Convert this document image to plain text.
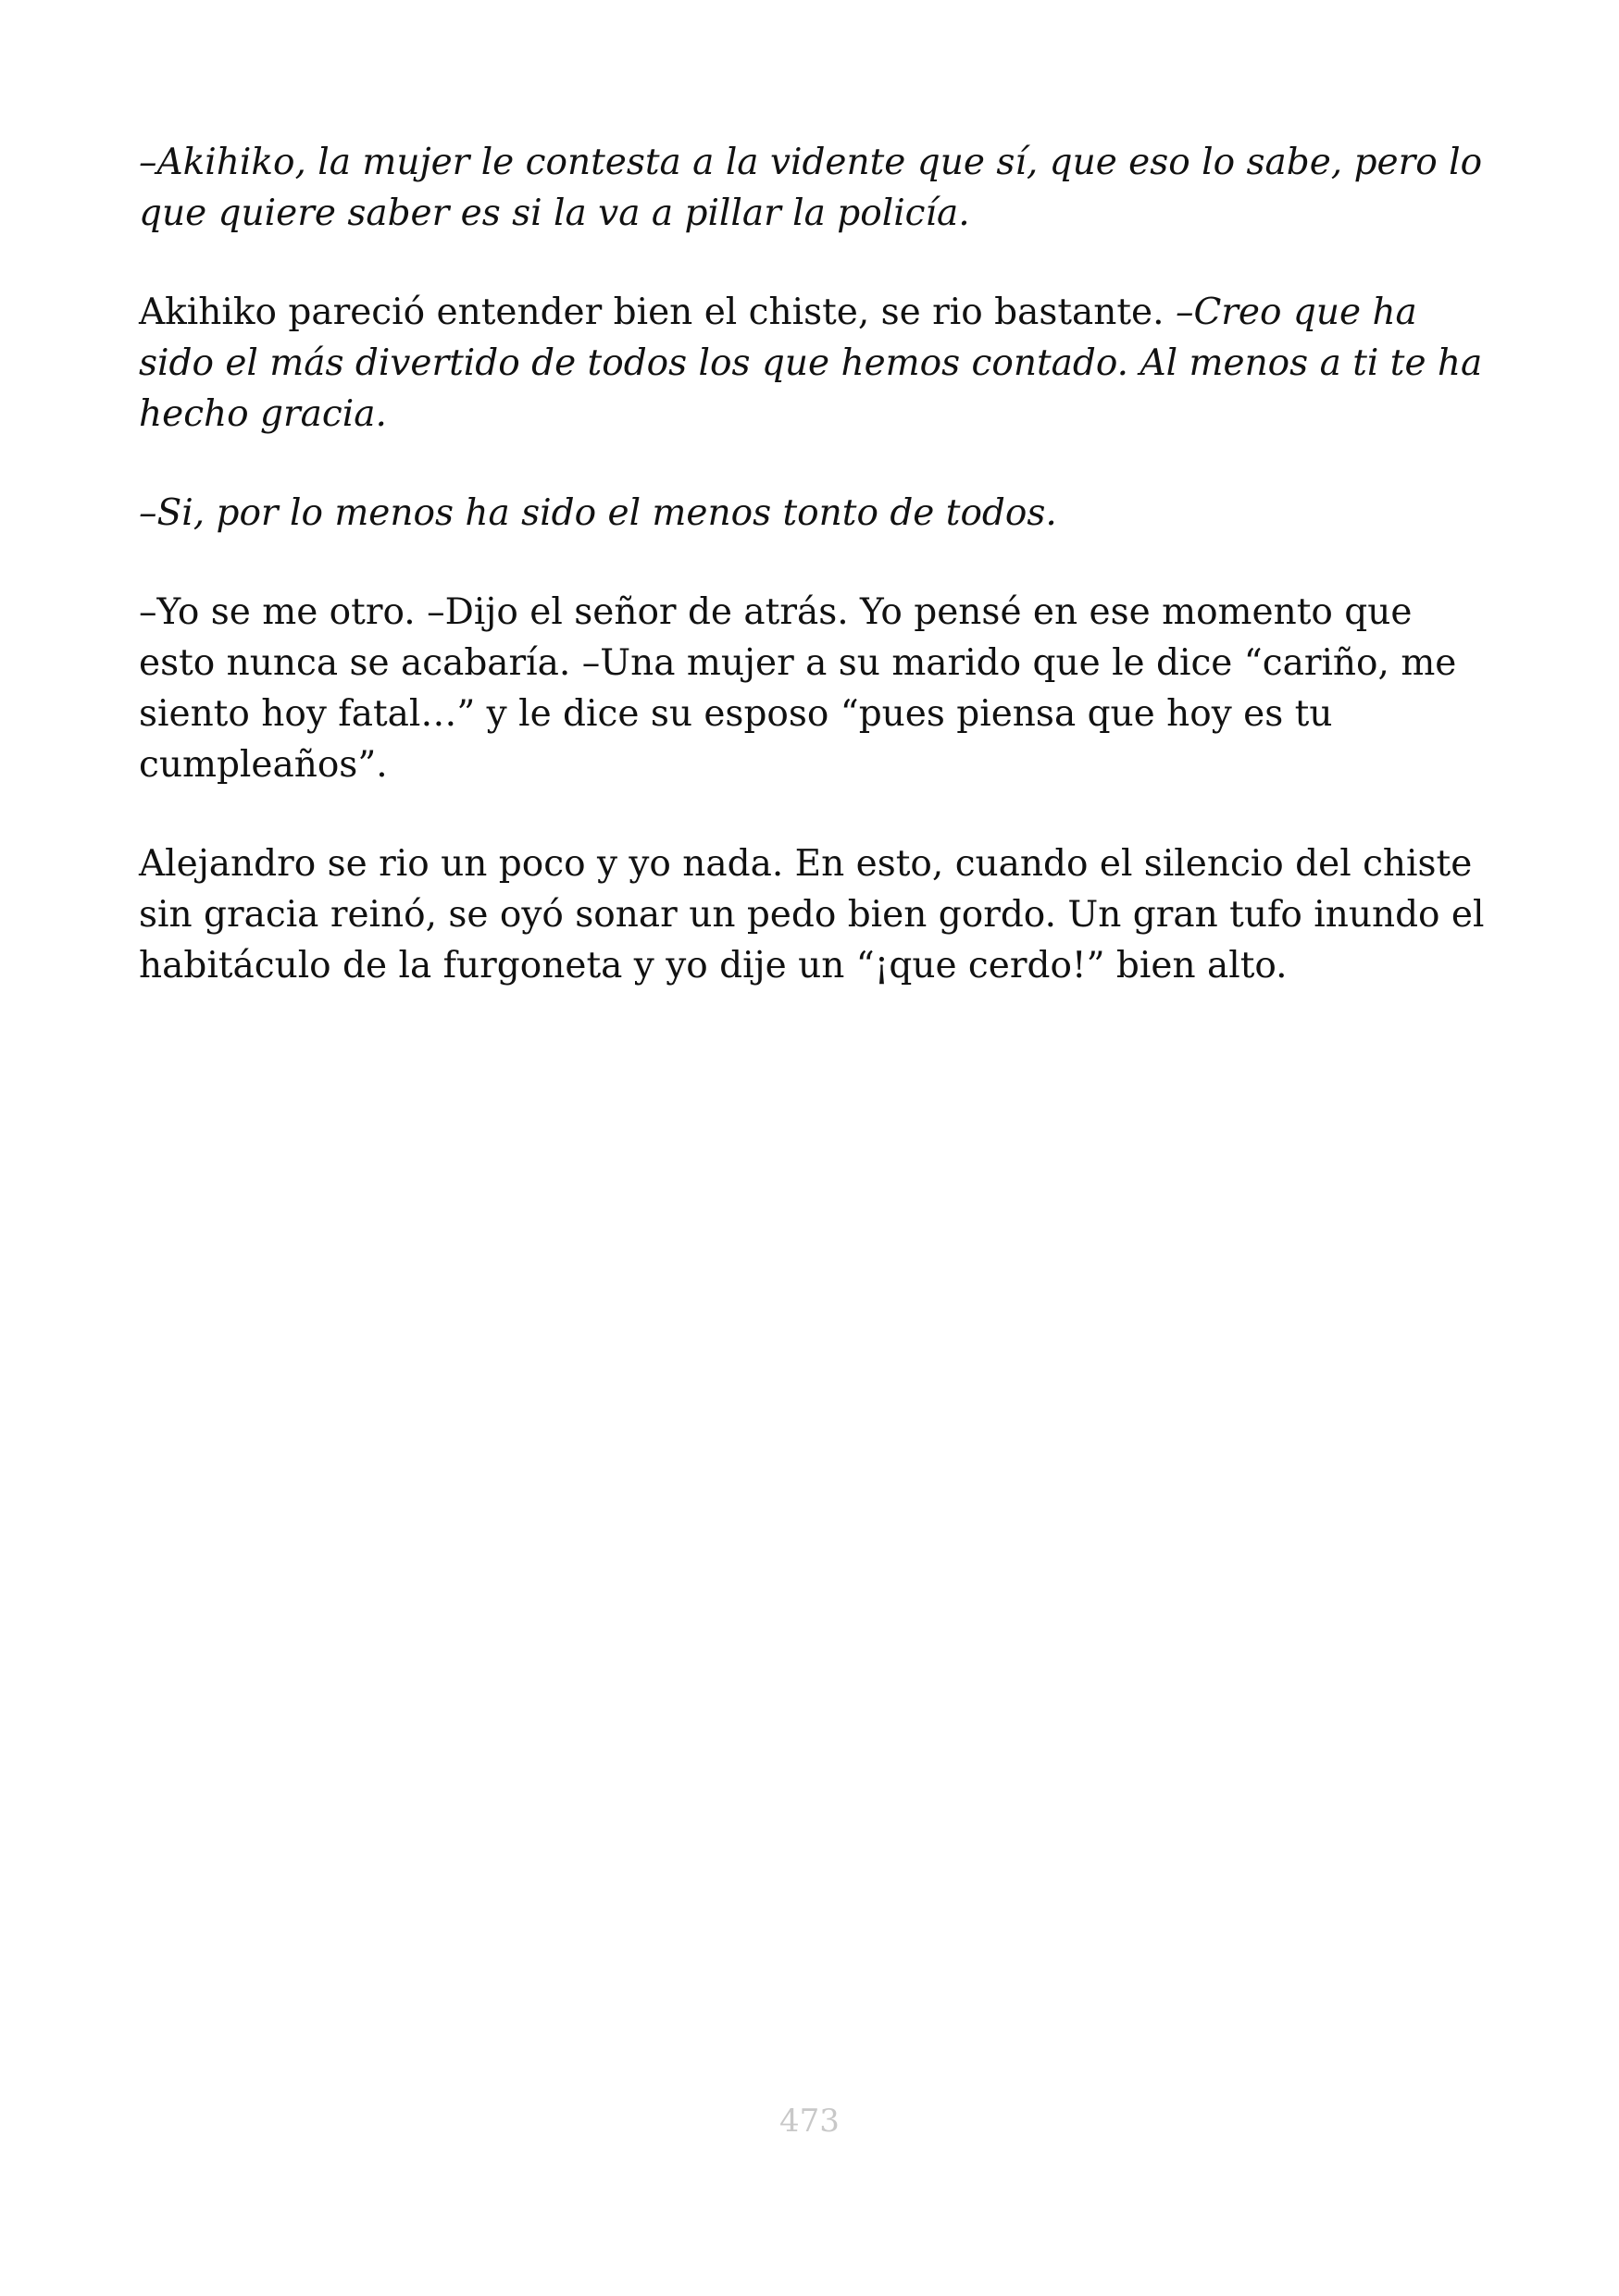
–Akihiko, la mujer le contesta a la vidente que sí, que eso lo sabe, pero lo que quiere saber es si la va a pillar la policía.

Akihiko pareció entender bien el chiste, se rio bastante. –Creo que ha sido el más divertido de todos los que hemos contado. Al menos a ti te ha hecho gracia.

–Si, por lo menos ha sido el menos tonto de todos.

–Yo se me otro. –Dijo el señor de atrás. Yo pensé en ese momento que esto nunca se acabaría. –Una mujer a su marido que le dice “cariño, me siento hoy fatal…” y le dice su esposo “pues piensa que hoy es tu cumpleaños”.

Alejandro se rio un poco y yo nada. En esto, cuando el silencio del chiste sin gracia reinó, se oyó sonar un pedo bien gordo. Un gran tufo inundo el habitáculo de la furgoneta y yo dije un “¡que cerdo!” bien alto.

473
